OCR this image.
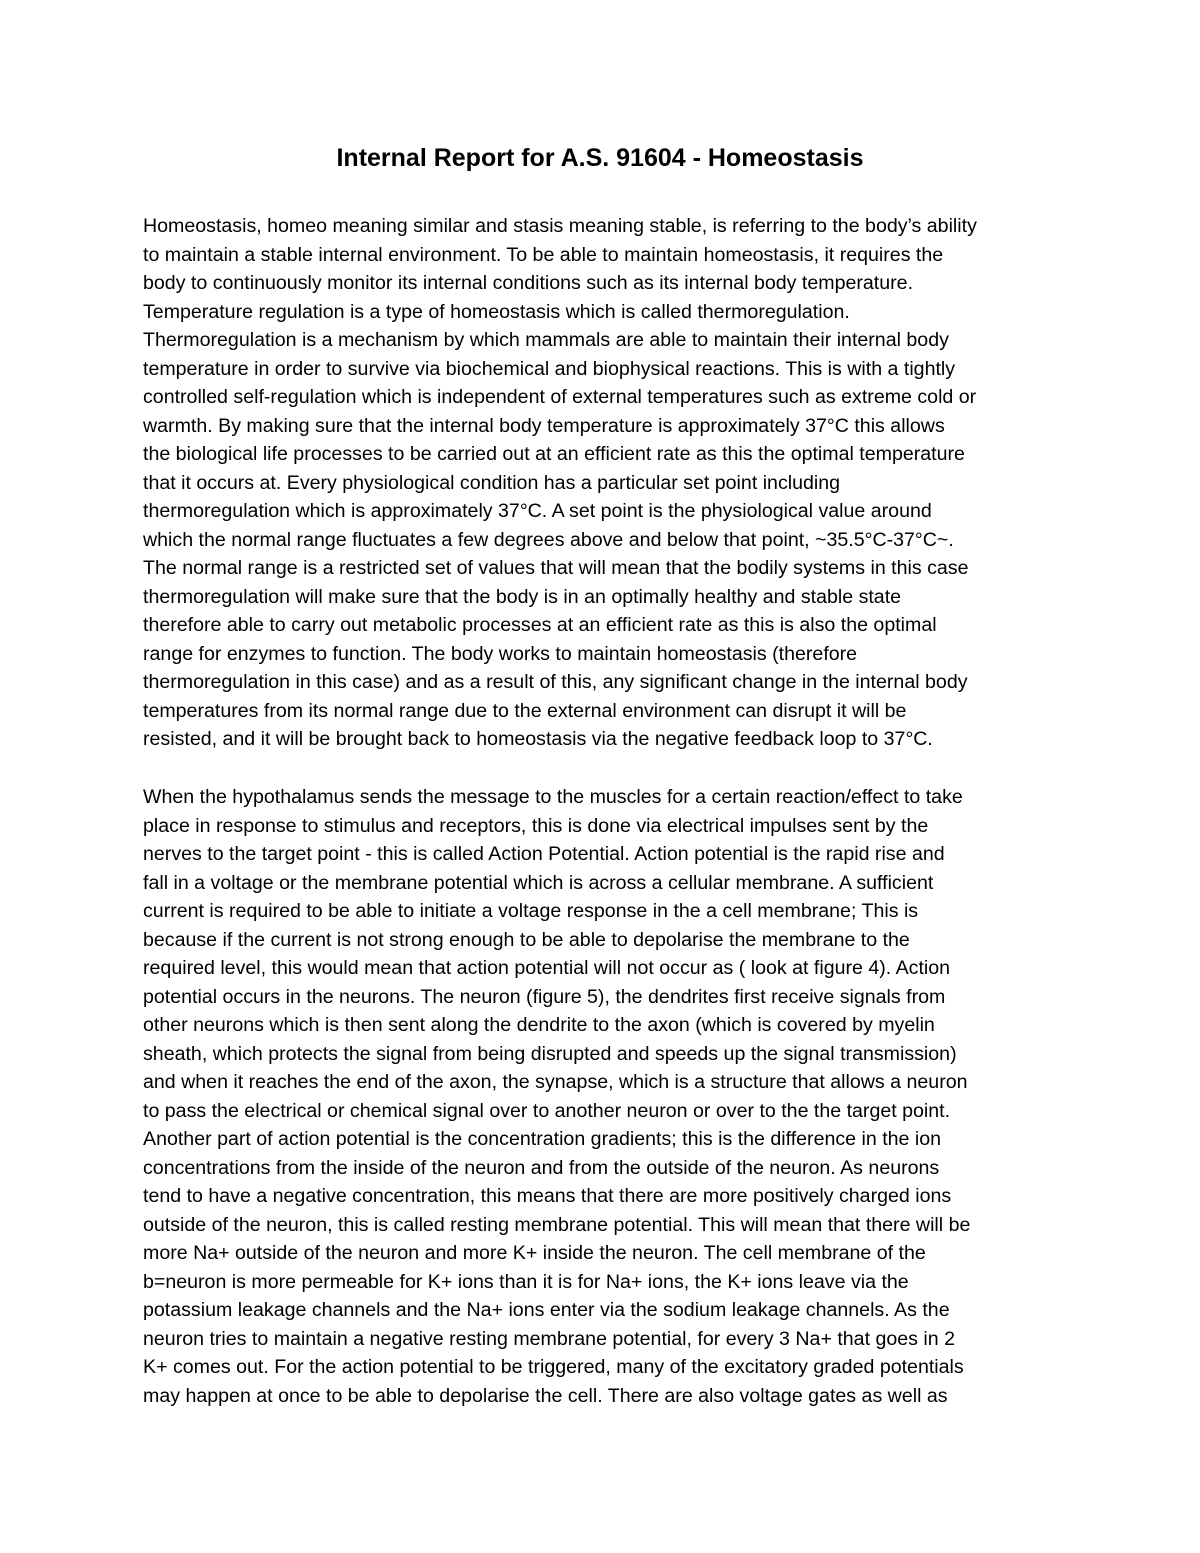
Internal Report for A.S. 91604 - Homeostasis

Homeostasis, homeo meaning similar and stasis meaning stable, is referring to the body’s ability
to maintain a stable internal environment. To be able to maintain homeostasis, it requires the
body to continuously monitor its internal conditions such as its internal body temperature.
Temperature regulation is a type of homeostasis which is called thermoregulation.
Thermoregulation is a mechanism by which mammals are able to maintain their internal body
temperature in order to survive via biochemical and biophysical reactions. This is with a tightly
controlled self-regulation which is independent of external temperatures such as extreme cold or
warmth. By making sure that the internal body temperature is approximately 37°C this allows
the biological life processes to be carried out at an efficient rate as this the optimal temperature
that it occurs at. Every physiological condition has a particular set point including
thermoregulation which is approximately 37°C. A set point is the physiological value around
which the normal range fluctuates a few degrees above and below that point, ~35.5°C-37°C~.
The normal range is a restricted set of values that will mean that the bodily systems in this case
thermoregulation will make sure that the body is in an optimally healthy and stable state
therefore able to carry out metabolic processes at an efficient rate as this is also the optimal
range for enzymes to function. The body works to maintain homeostasis (therefore
thermoregulation in this case) and as a result of this, any significant change in the internal body
temperatures from its normal range due to the external environment can disrupt it will be
resisted, and it will be brought back to homeostasis via the negative feedback loop to 37°C.

When the hypothalamus sends the message to the muscles for a certain reaction/effect to take
place in response to stimulus and receptors, this is done via electrical impulses sent by the
nerves to the target point - this is called Action Potential. Action potential is the rapid rise and
fall in a voltage or the membrane potential which is across a cellular membrane. A sufficient
current is required to be able to initiate a voltage response in the a cell membrane; This is
because if the current is not strong enough to be able to depolarise the membrane to the
required level, this would mean that action potential will not occur as ( look at figure 4). Action
potential occurs in the neurons. The neuron (figure 5), the dendrites first receive signals from
other neurons which is then sent along the dendrite to the axon (which is covered by myelin
sheath, which protects the signal from being disrupted and speeds up the signal transmission)
and when it reaches the end of the axon, the synapse, which is a structure that allows a neuron
to pass the electrical or chemical signal over to another neuron or over to the the target point.
Another part of action potential is the concentration gradients; this is the difference in the ion
concentrations from the inside of the neuron and from the outside of the neuron. As neurons
tend to have a negative concentration, this means that there are more positively charged ions
outside of the neuron, this is called resting membrane potential. This will mean that there will be
more Na+ outside of the neuron and more K+ inside the neuron. The cell membrane of the
b=neuron is more permeable for K+ ions than it is for Na+ ions, the K+ ions leave via the
potassium leakage channels and the Na+ ions enter via the sodium leakage channels. As the
neuron tries to maintain a negative resting membrane potential, for every 3 Na+ that goes in 2
K+ comes out. For the action potential to be triggered, many of the excitatory graded potentials
may happen at once to be able to depolarise the cell. There are also voltage gates as well as
